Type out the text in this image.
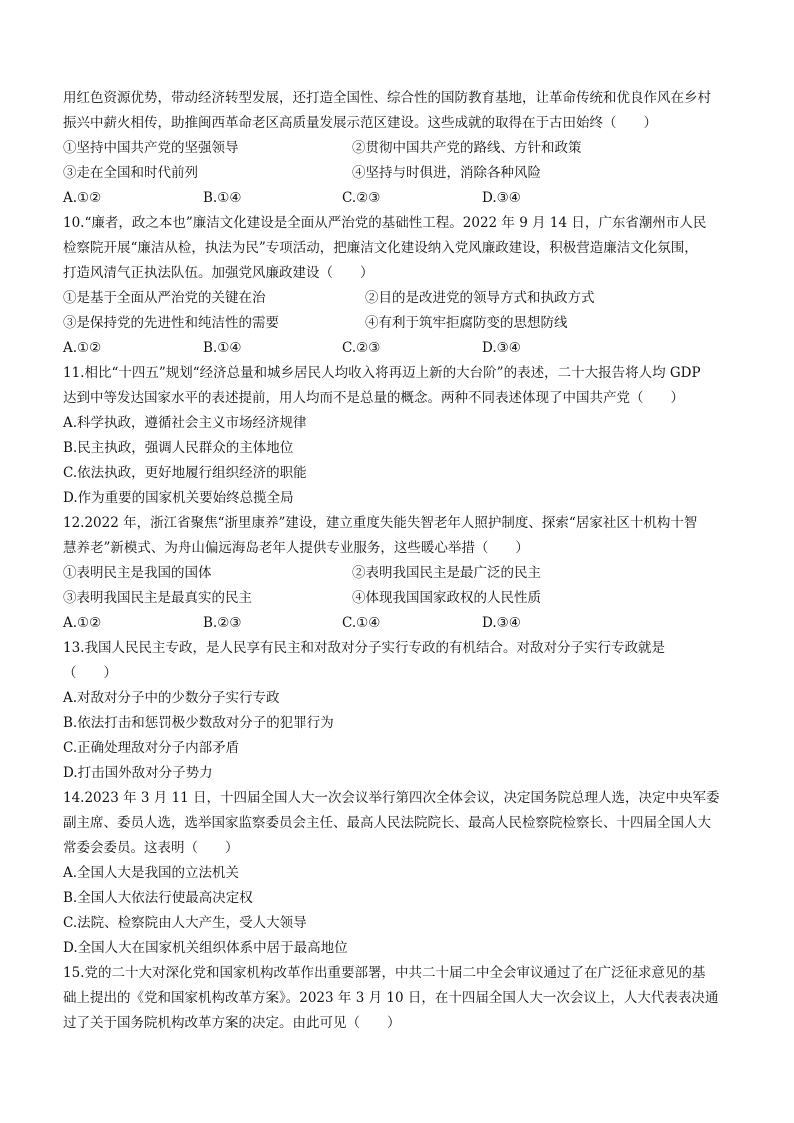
用红色资源优势，带动经济转型发展，还打造全国性、综合性的国防教育基地，让革命传统和优良作风在乡村
振兴中薪火相传，助推闽西革命老区高质量发展示范区建设。这些成就的取得在于古田始终（　　）
①坚持中国共产党的坚强领导	②贯彻中国共产党的路线、方针和政策
③走在全国和时代前列	④坚持与时俱进，消除各种风险
A.①②	B.①④	C.②③	D.③④
10.“廉者，政之本也”廉洁文化建设是全面从严治党的基础性工程。2022 年 9 月 14 日，广东省潮州市人民
检察院开展“廉洁从检，执法为民”专项活动，把廉洁文化建设纳入党风廉政建设，积极营造廉洁文化氛围，
打造风清气正执法队伍。加强党风廉政建设（　　）
①是基于全面从严治党的关键在治	②目的是改进党的领导方式和执政方式
③是保持党的先进性和纯洁性的需要	④有利于筑牢拒腐防变的思想防线
A.①②	B.①④	C.②③	D.③④
11.相比“十四五”规划“经济总量和城乡居民人均收入将再迈上新的大台阶”的表述，二十大报告将人均 GDP
达到中等发达国家水平的表述提前，用人均而不是总量的概念。两种不同表述体现了中国共产党（　　）
A.科学执政，遵循社会主义市场经济规律
B.民主执政，强调人民群众的主体地位
C.依法执政，更好地履行组织经济的职能
D.作为重要的国家机关要始终总揽全局
12.2022 年，浙江省聚焦“浙里康养”建设，建立重度失能失智老年人照护制度、探索“居家社区十机构十智
慧养老”新模式、为舟山偏远海岛老年人提供专业服务，这些暖心举措（　　）
①表明民主是我国的国体	②表明我国民主是最广泛的民主
③表明我国民主是最真实的民主	④体现我国国家政权的人民性质
A.①②	B.②③	C.①④	D.③④
13.我国人民民主专政，是人民享有民主和对敌对分子实行专政的有机结合。对敌对分子实行专政就是
（　　）
A.对敌对分子中的少数分子实行专政
B.依法打击和惩罚极少数敌对分子的犯罪行为
C.正确处理敌对分子内部矛盾
D.打击国外敌对分子势力
14.2023 年 3 月 11 日，十四届全国人大一次会议举行第四次全体会议，决定国务院总理人选，决定中央军委
副主席、委员人选，选举国家监察委员会主任、最高人民法院院长、最高人民检察院检察长、十四届全国人大
常委会委员。这表明（　　）
A.全国人大是我国的立法机关
B.全国人大依法行使最高决定权
C.法院、检察院由人大产生，受人大领导
D.全国人大在国家机关组织体系中居于最高地位
15.党的二十大对深化党和国家机构改革作出重要部署，中共二十届二中全会审议通过了在广泛征求意见的基
础上提出的《党和国家机构改革方案》。2023 年 3 月 10 日，在十四届全国人大一次会议上，人大代表表决通
过了关于国务院机构改革方案的决定。由此可见（　　）
